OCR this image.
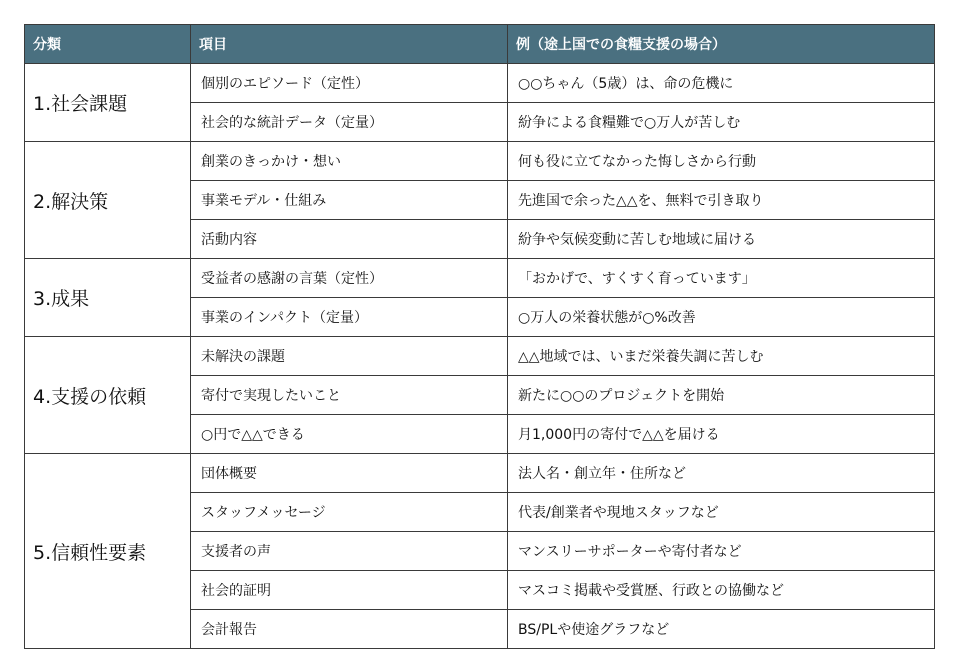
分類	項目	例（途上国での食糧支援の場合）
1.社会課題	個別のエピソード（定性）	○○ちゃん（5歳）は、命の危機に
	社会的な統計データ（定量）	紛争による食糧難で○万人が苦しむ
2.解決策	創業のきっかけ・想い	何も役に立てなかった悔しさから行動
	事業モデル・仕組み	先進国で余った△△を、無料で引き取り
	活動内容	紛争や気候変動に苦しむ地域に届ける
3.成果	受益者の感謝の言葉（定性）	「おかげで、すくすく育っています」
	事業のインパクト（定量）	○万人の栄養状態が○%改善
4.支援の依頼	未解決の課題	△△地域では、いまだ栄養失調に苦しむ
	寄付で実現したいこと	新たに○○のプロジェクトを開始
	○円で△△できる	月1,000円の寄付で△△を届ける
5.信頼性要素	団体概要	法人名・創立年・住所など
	スタッフメッセージ	代表/創業者や現地スタッフなど
	支援者の声	マンスリーサポーターや寄付者など
	社会的証明	マスコミ掲載や受賞歴、行政との協働など
	会計報告	BS/PLや使途グラフなど
